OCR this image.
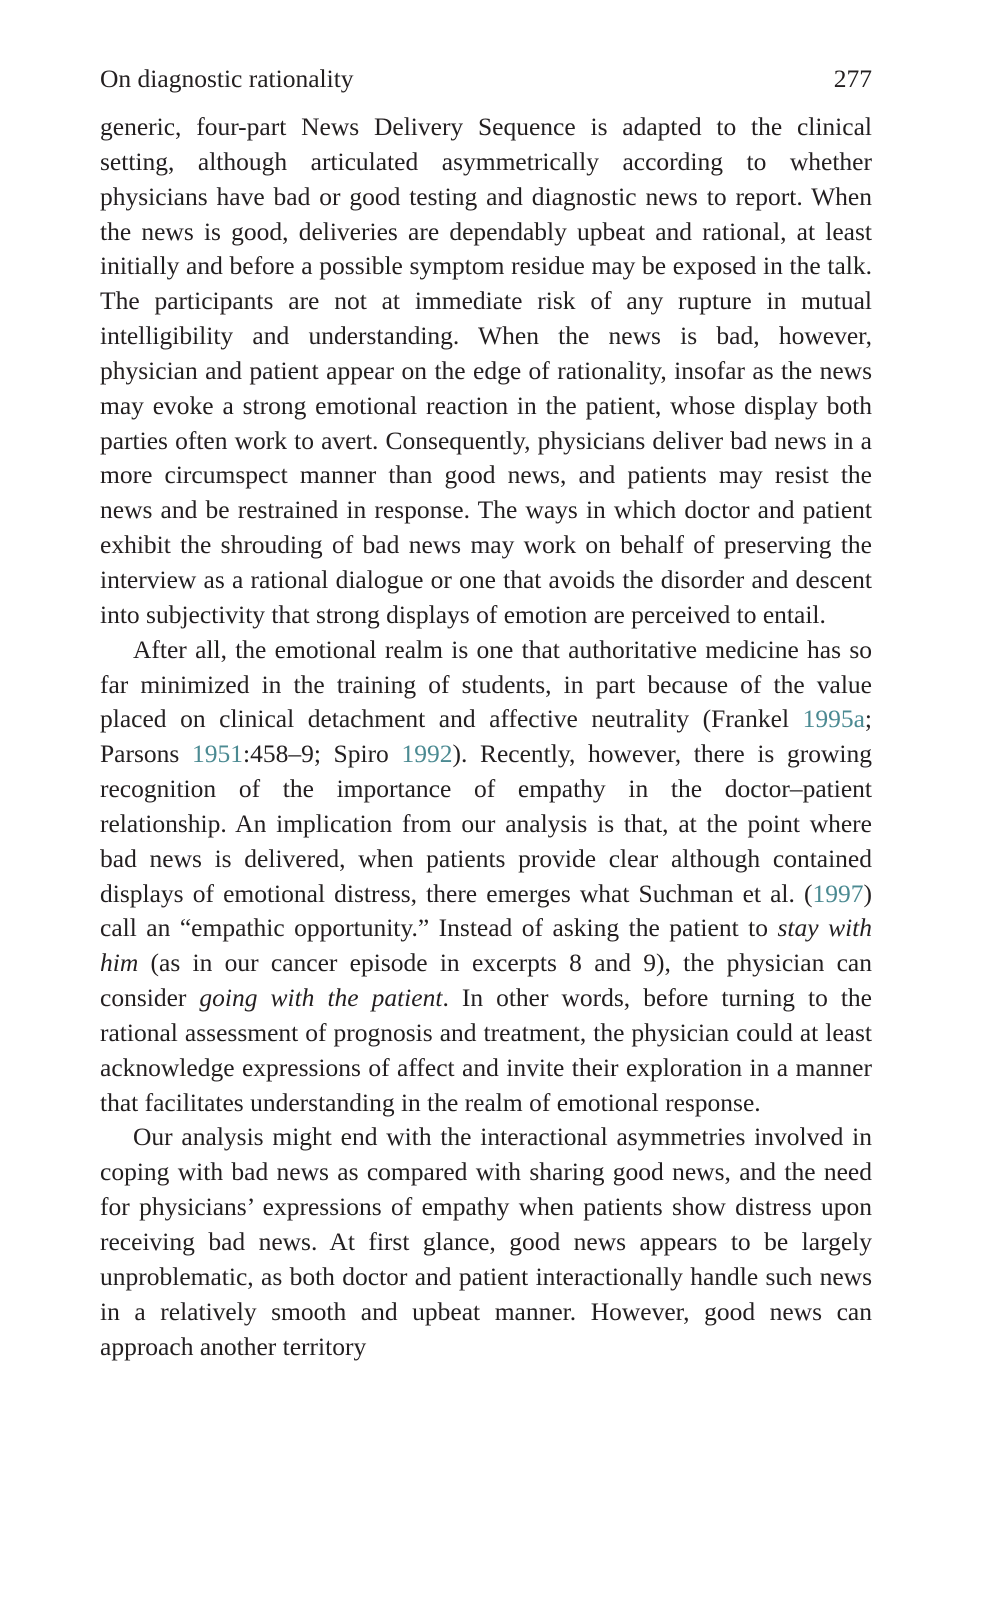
On diagnostic rationality	277

generic, four-part News Delivery Sequence is adapted to the clinical setting, although articulated asymmetrically according to whether physicians have bad or good testing and diagnostic news to report. When the news is good, deliveries are dependably upbeat and rational, at least initially and before a possible symptom residue may be exposed in the talk. The participants are not at immediate risk of any rupture in mutual intelligibility and understanding. When the news is bad, however, physician and patient appear on the edge of rationality, insofar as the news may evoke a strong emotional reaction in the patient, whose display both parties often work to avert. Consequently, physicians deliver bad news in a more circumspect manner than good news, and patients may resist the news and be restrained in response. The ways in which doctor and patient exhibit the shrouding of bad news may work on behalf of preserving the interview as a rational dialogue or one that avoids the disorder and descent into subjectivity that strong displays of emotion are perceived to entail.

After all, the emotional realm is one that authoritative medicine has so far minimized in the training of students, in part because of the value placed on clinical detachment and affective neutrality (Frankel 1995a; Parsons 1951:458–9; Spiro 1992). Recently, however, there is growing recognition of the importance of empathy in the doctor–patient relationship. An implication from our analysis is that, at the point where bad news is delivered, when patients provide clear although contained displays of emotional distress, there emerges what Suchman et al. (1997) call an “empathic opportunity.” Instead of asking the patient to stay with him (as in our cancer episode in excerpts 8 and 9), the physician can consider going with the patient. In other words, before turning to the rational assessment of prognosis and treatment, the physician could at least acknowledge expressions of affect and invite their exploration in a manner that facilitates understanding in the realm of emotional response.

Our analysis might end with the interactional asymmetries involved in coping with bad news as compared with sharing good news, and the need for physicians’ expressions of empathy when patients show distress upon receiving bad news. At first glance, good news appears to be largely unproblematic, as both doctor and patient interactionally handle such news in a relatively smooth and upbeat manner. However, good news can approach another territory
